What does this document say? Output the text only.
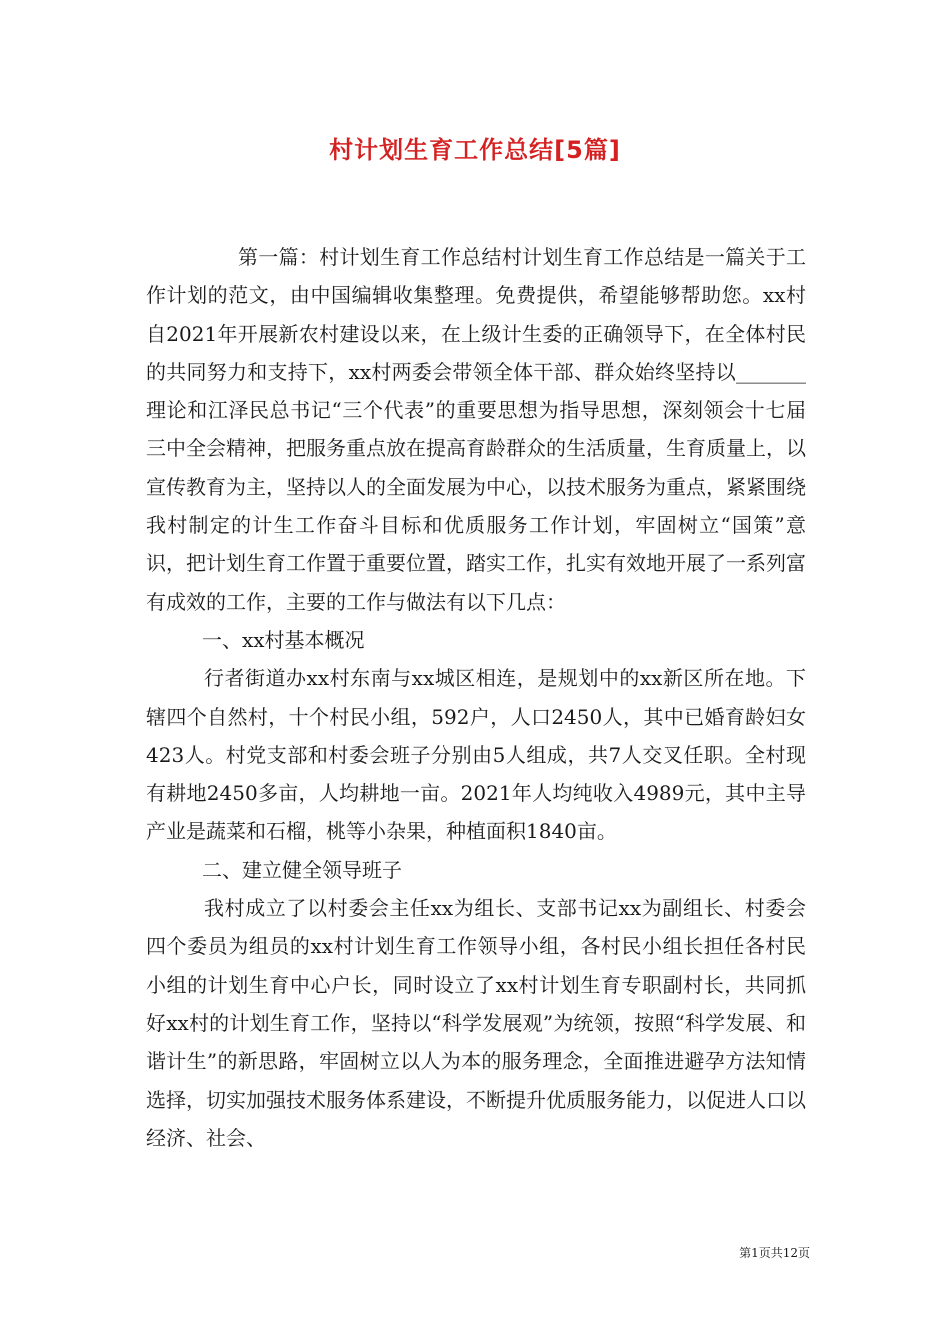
村计划生育工作总结[5篇]

第一篇：村计划生育工作总结村计划生育工作总结是一篇关于工作计划的范文，由中国编辑收集整理。免费提供，希望能够帮助您。xx村自2021年开展新农村建设以来，在上级计生委的正确领导下，在全体村民的共同努力和支持下，xx村两委会带领全体干部、群众始终坚持以_______理论和江泽民总书记“三个代表”的重要思想为指导思想，深刻领会十七届三中全会精神，把服务重点放在提高育龄群众的生活质量，生育质量上，以宣传教育为主，坚持以人的全面发展为中心，以技术服务为重点，紧紧围绕我村制定的计生工作奋斗目标和优质服务工作计划，牢固树立“国策”意识，把计划生育工作置于重要位置，踏实工作，扎实有效地开展了一系列富有成效的工作，主要的工作与做法有以下几点：

一、xx村基本概况

行者街道办xx村东南与xx城区相连，是规划中的xx新区所在地。下辖四个自然村，十个村民小组，592户，人口2450人，其中已婚育龄妇女423人。村党支部和村委会班子分别由5人组成，共7人交叉任职。全村现有耕地2450多亩，人均耕地一亩。2021年人均纯收入4989元，其中主导产业是蔬菜和石榴，桃等小杂果，种植面积1840亩。

二、建立健全领导班子

我村成立了以村委会主任xx为组长、支部书记xx为副组长、村委会四个委员为组员的xx村计划生育工作领导小组，各村民小组长担任各村民小组的计划生育中心户长，同时设立了xx村计划生育专职副村长，共同抓好xx村的计划生育工作，坚持以“科学发展观”为统领，按照“科学发展、和谐计生”的新思路，牢固树立以人为本的服务理念，全面推进避孕方法知情选择，切实加强技术服务体系建设，不断提升优质服务能力，以促进人口以经济、社会、

第1页共12页
